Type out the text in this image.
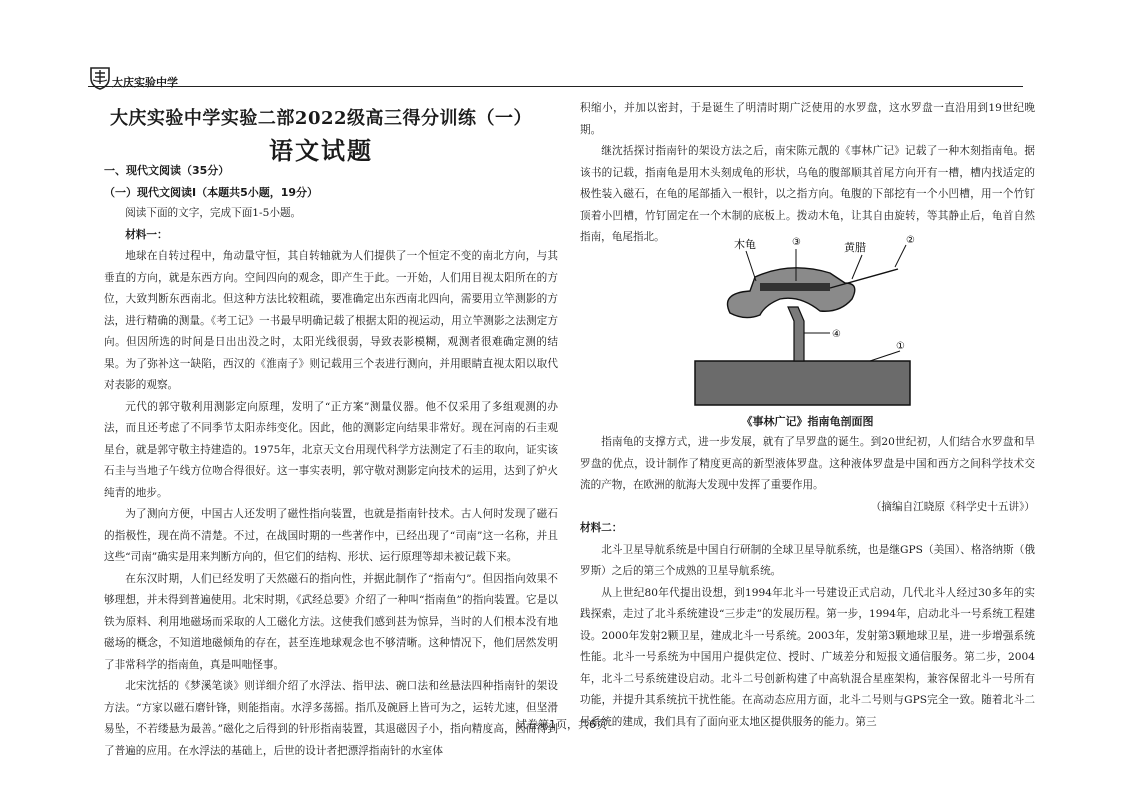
大庆实验中学
大庆实验中学实验二部2022级高三得分训练（一）
语文试题
一、现代文阅读（35分）
（一）现代文阅读Ⅰ（本题共5小题，19分）
阅读下面的文字，完成下面1-5小题。
材料一：
地球在自转过程中，角动量守恒，其自转轴就为人们提供了一个恒定不变的南北方向，与其垂直的方向，就是东西方向。空间四向的观念，即产生于此。一开始，人们用目视太阳所在的方位，大致判断东西南北。但这种方法比较粗疏，要准确定出东西南北四向，需要用立竿测影的方法，进行精确的测量。《考工记》一书最早明确记载了根据太阳的视运动，用立竿测影之法测定方向。但因所选的时间是日出出没之时，太阳光线很弱，导致表影模糊，观测者很难确定测的结果。为了弥补这一缺陷，西汉的《淮南子》则记载用三个表进行测向，并用眼睛直视太阳以取代对表影的观察。
元代的郭守敬利用测影定向原理，发明了“正方案”测量仪器。他不仅采用了多组观测的办法，而且还考虑了不同季节太阳赤纬变化。因此，他的测影定向结果非常好。现在河南的石圭观星台，就是郭守敬主持建造的。1975年，北京天文台用现代科学方法测定了石圭的取向，证实该石圭与当地子午线方位吻合得很好。这一事实表明，郭守敬对测影定向技术的运用，达到了炉火纯青的地步。
为了测向方便，中国古人还发明了磁性指向装置，也就是指南针技术。古人何时发现了磁石的指极性，现在尚不清楚。不过，在战国时期的一些著作中，已经出现了“司南”这一名称，并且这些“司南”确实是用来判断方向的，但它们的结构、形状、运行原理等却未被记载下来。
在东汉时期，人们已经发明了天然磁石的指向性，并据此制作了“指南勺”。但因指向效果不够理想，并未得到普遍使用。北宋时期，《武经总要》介绍了一种叫“指南鱼”的指向装置。它是以铁为原料、利用地磁场而采取的人工磁化方法。这使我们感到甚为惊异，当时的人们根本没有地磁场的概念，不知道地磁倾角的存在，甚至连地球观念也不够清晰。这种情况下，他们居然发明了非常科学的指南鱼，真是叫咄怪事。
北宋沈括的《梦溪笔谈》则详细介绍了水浮法、指甲法、碗口法和丝悬法四种指南针的架设方法。“方家以磁石磨针锋，则能指南。水浮多荡摇。指爪及碗唇上皆可为之，运转尤速，但坚滑易坠，不若缕悬为最善。”磁化之后得到的针形指南装置，其退磁因子小，指向精度高，因而得到了普遍的应用。在水浮法的基础上，后世的设计者把漂浮指南针的水室体
积缩小，并加以密封，于是诞生了明清时期广泛使用的水罗盘，这水罗盘一直沿用到19世纪晚期。
继沈括探讨指南针的架设方法之后，南宋陈元靓的《事林广记》记载了一种木刻指南龟。据该书的记载，指南龟是用木头刻成龟的形状，乌龟的腹部顺其首尾方向开有一槽，槽内找适定的极性装入磁石，在龟的尾部插入一根针，以之指方向。龟腹的下部挖有一个小凹槽，用一个竹钉顶着小凹槽，竹钉固定在一个木制的底板上。拨动木龟，让其自由旋转，等其静止后，龟首自然指南，龟尾指北。
木龟	③	黄腊
②
④
①
《事林广记》指南龟剖面图
指南龟的支撑方式，进一步发展，就有了旱罗盘的诞生。到20世纪初，人们结合水罗盘和旱罗盘的优点，设计制作了精度更高的新型液体罗盘。这种液体罗盘是中国和西方之间科学技术交流的产物，在欧洲的航海大发现中发挥了重要作用。
（摘编自江晓原《科学史十五讲》）
材料二：
北斗卫星导航系统是中国自行研制的全球卫星导航系统，也是继GPS（美国）、格洛纳斯（俄罗斯）之后的第三个成熟的卫星导航系统。
从上世纪80年代提出设想，到1994年北斗一号建设正式启动，几代北斗人经过30多年的实践探索，走过了北斗系统建设“三步走”的发展历程。第一步，1994年，启动北斗一号系统工程建设。2000年发射2颗卫星，建成北斗一号系统。2003年，发射第3颗地球卫星，进一步增强系统性能。北斗一号系统为中国用户提供定位、授时、广域差分和短报文通信服务。第二步，2004年，北斗二号系统建设启动。北斗二号创新构建了中高轨混合星座架构，兼容保留北斗一号所有功能，并提升其系统抗干扰性能。在高动态应用方面，北斗二号则与GPS完全一致。随着北斗二号系统的建成，我们具有了面向亚太地区提供服务的能力。第三
试卷第1页，共6页
